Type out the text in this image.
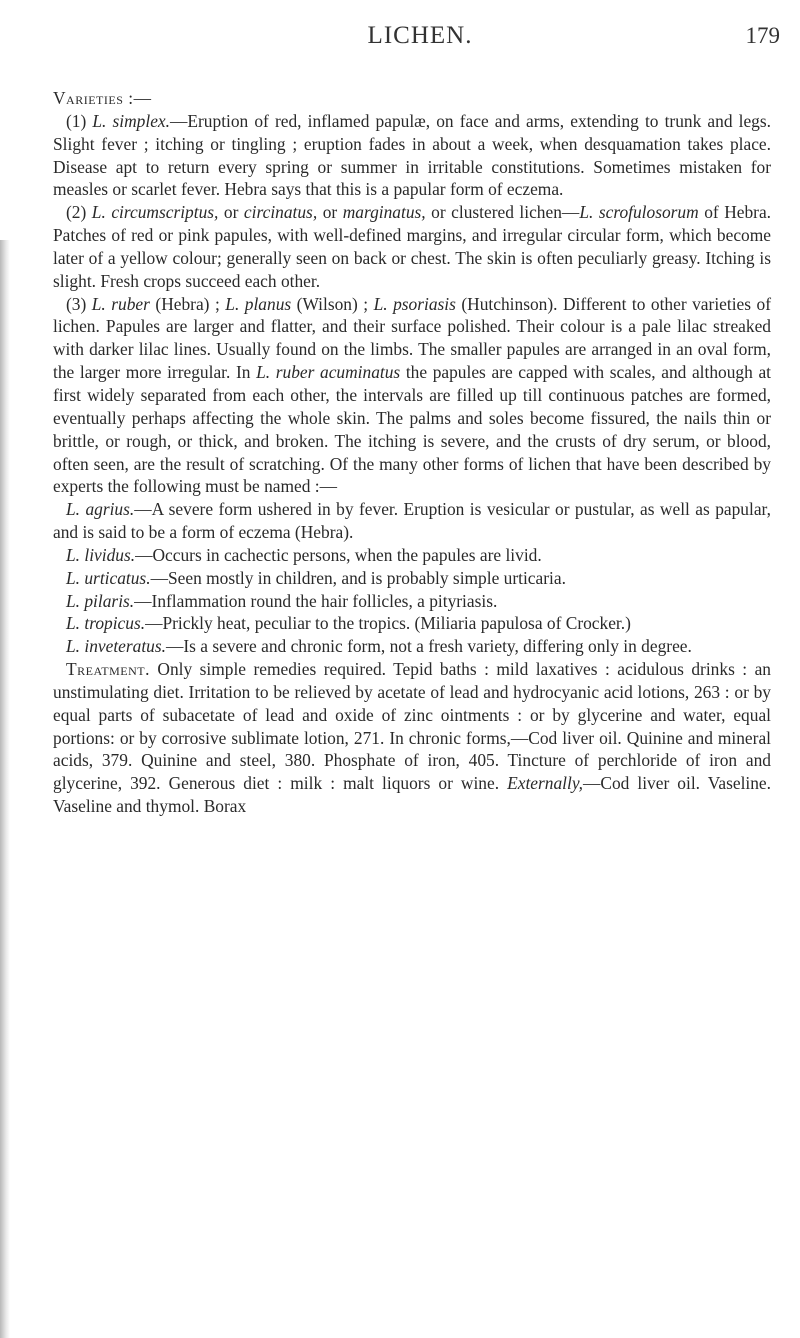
LICHEN.	179

Varieties :—

(1) L. simplex.—Eruption of red, inflamed papulæ, on face and arms, extending to trunk and legs. Slight fever ; itching or tingling ; eruption fades in about a week, when desquamation takes place. Disease apt to return every spring or summer in irritable constitutions. Sometimes mistaken for measles or scarlet fever. Hebra says that this is a papular form of eczema.

(2) L. circumscriptus, or circinatus, or marginatus, or clustered lichen—L. scrofulosorum of Hebra. Patches of red or pink papules, with well-defined margins, and irregular circular form, which become later of a yellow colour; generally seen on back or chest. The skin is often peculiarly greasy. Itching is slight. Fresh crops succeed each other.

(3) L. ruber (Hebra) ; L. planus (Wilson) ; L. psoriasis (Hutchinson). Different to other varieties of lichen. Papules are larger and flatter, and their surface polished. Their colour is a pale lilac streaked with darker lilac lines. Usually found on the limbs. The smaller papules are arranged in an oval form, the larger more irregular. In L. ruber acuminatus the papules are capped with scales, and although at first widely separated from each other, the intervals are filled up till continuous patches are formed, eventually perhaps affecting the whole skin. The palms and soles become fissured, the nails thin or brittle, or rough, or thick, and broken. The itching is severe, and the crusts of dry serum, or blood, often seen, are the result of scratching. Of the many other forms of lichen that have been described by experts the following must be named :—

L. agrius.—A severe form ushered in by fever. Eruption is vesicular or pustular, as well as papular, and is said to be a form of eczema (Hebra).

L. lividus.—Occurs in cachectic persons, when the papules are livid.

L. urticatus.—Seen mostly in children, and is probably simple urticaria.

L. pilaris.—Inflammation round the hair follicles, a pityriasis.

L. tropicus.—Prickly heat, peculiar to the tropics. (Miliaria papulosa of Crocker.)

L. inveteratus.—Is a severe and chronic form, not a fresh variety, differing only in degree.

Treatment. Only simple remedies required. Tepid baths : mild laxatives : acidulous drinks : an unstimulating diet. Irritation to be relieved by acetate of lead and hydrocyanic acid lotions, 263 : or by equal parts of subacetate of lead and oxide of zinc ointments : or by glycerine and water, equal portions: or by corrosive sublimate lotion, 271. In chronic forms,—Cod liver oil. Quinine and mineral acids, 379. Quinine and steel, 380. Phosphate of iron, 405. Tincture of perchloride of iron and glycerine, 392. Generous diet : milk : malt liquors or wine. Externally,—Cod liver oil. Vaseline. Vaseline and thymol. Borax
